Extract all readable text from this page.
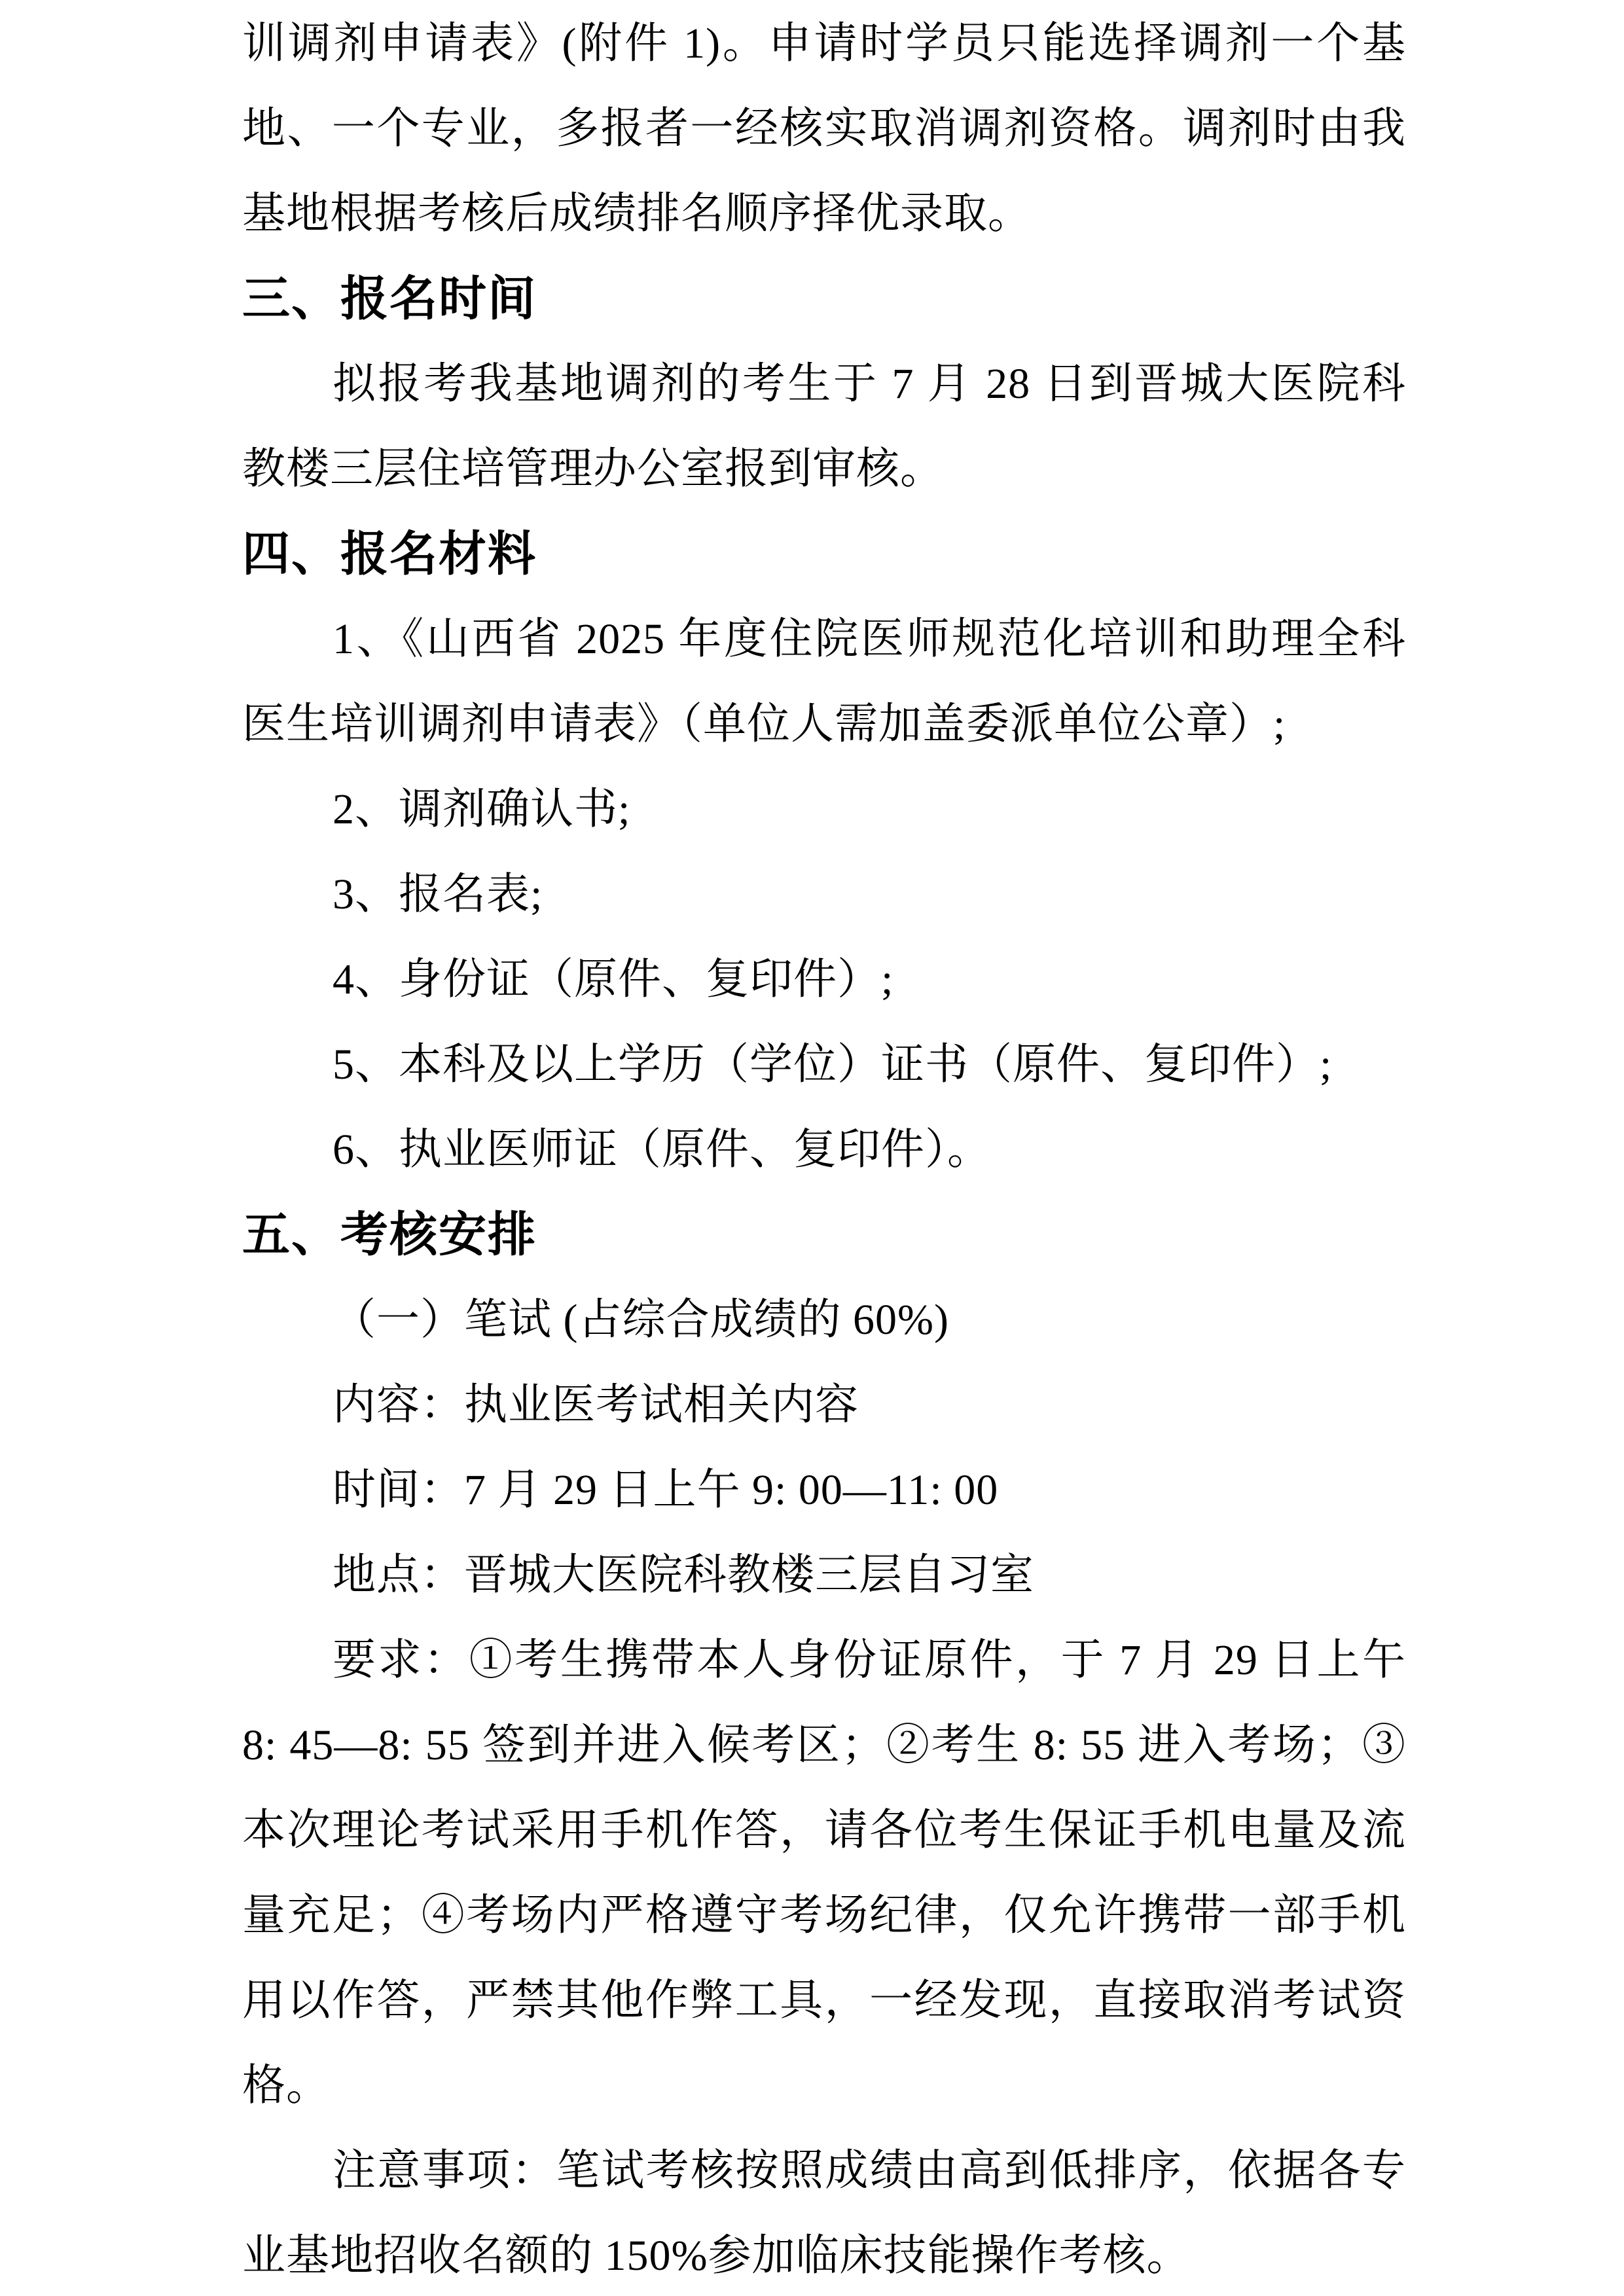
训调剂申请表》(附件 1)。申请时学员只能选择调剂一个基
地、一个专业，多报者一经核实取消调剂资格。调剂时由我
基地根据考核后成绩排名顺序择优录取。
三、报名时间
拟报考我基地调剂的考生于 7 月 28 日到晋城大医院科
教楼三层住培管理办公室报到审核。
四、报名材料
1、《山西省 2025 年度住院医师规范化培训和助理全科
医生培训调剂申请表》（单位人需加盖委派单位公章）;
2、调剂确认书;
3、报名表;
4、身份证（原件、复印件）;
5、本科及以上学历（学位）证书（原件、复印件）;
6、执业医师证（原件、复印件）。
五、考核安排
（一）笔试 (占综合成绩的 60%)
内容：执业医考试相关内容
时间：7 月 29 日上午 9: 00—11: 00
地点：晋城大医院科教楼三层自习室
要求：①考生携带本人身份证原件，于 7 月 29 日上午
8: 45—8: 55 签到并进入候考区；②考生 8: 55 进入考场；③
本次理论考试采用手机作答，请各位考生保证手机电量及流
量充足；④考场内严格遵守考场纪律，仅允许携带一部手机
用以作答，严禁其他作弊工具，一经发现，直接取消考试资
格。
注意事项：笔试考核按照成绩由高到低排序，依据各专
业基地招收名额的 150%参加临床技能操作考核。
